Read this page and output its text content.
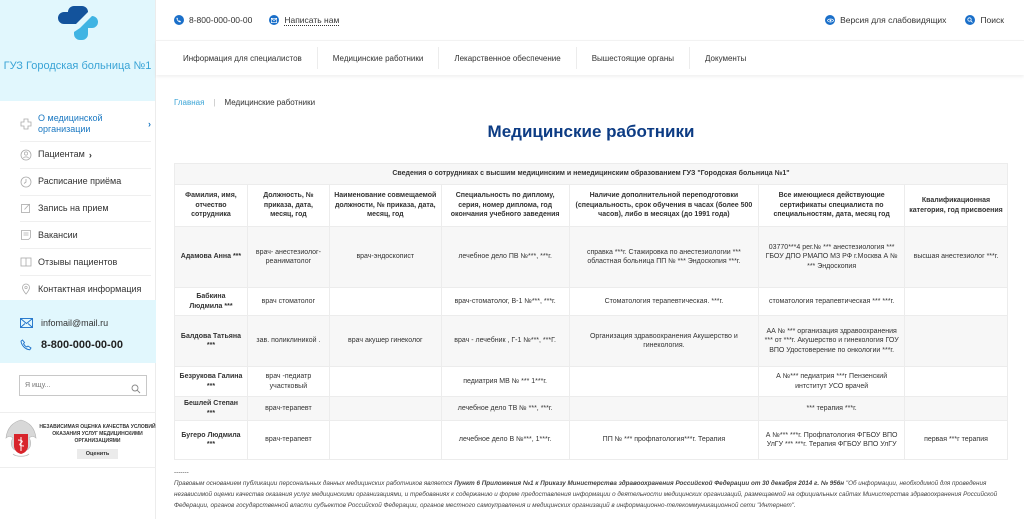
ГУЗ Городская больница №1
О медицинской организации	›
Пациентам ›
Расписание приёма
Запись на прием
Вакансии
Отзывы пациентов
Контактная информация
infomail@mail.ru
8-800-000-00-00
Я ищу...
НЕЗАВИСИМАЯ ОЦЕНКА КАЧЕСТВА УСЛОВИЙ ОКАЗАНИЯ УСЛУГ МЕДИЦИНСКИМИ ОРГАНИЗАЦИЯМИ
Оценить
8-800-000-00-00	Написать нам	Версия для слабовидящих	Поиск
Информация для специалистов	Медицинские работники	Лекарственное обеспечение	Вышестоящие органы	Документы
Главная | Медицинские работники
Медицинские работники
Сведения о сотрудниках с высшим медицинским и немедицинским образованием ГУЗ "Городская больница №1"						
Фамилия, имя, отчество сотрудника	Должность, № приказа, дата, месяц, год	Наименование совмещаемой должности, № приказа, дата, месяц, год	Специальность по диплому, серия, номер диплома, год окончания учебного заведения	Наличие дополнительной переподготовки (специальность, срок обучения в часах (более 500 часов), либо в месяцах (до 1991 года)	Все имеющиеся действующие сертификаты специалиста по специальностям, дата, месяц год	Квалификационная категория, год присвоения
Адамова Анна ***	врач- анестезиолог-реаниматолог	врач-эндоскопист	лечебное дело ПВ №***, ***г.	справка ***г. Стажировка по анестезиологии *** областная больница ПП № *** Эндоскопия ***г.	03770***4 рег.№ *** анестезиология *** ГБОУ ДПО РМАПО МЗ РФ г.Москва А № *** Эндоскопия	высшая анестезиолог ***г.
Бабкина Людмила ***	врач стоматолог		врач-стоматолог, В-1 №***, ***г.	Стоматология терапевтическая. ***г.	стоматология терапевтическая *** ***г.	
Балдова Татьяна ***	зав. поликлиникой .	врач акушер гинеколог	врач - лечебник , Г-1 №***, ***Г.	Организация здравоохранения Акушерство и гинекология.	АА № *** организация здравоохранения *** от ***г. Акушерство и гинекология ГОУ ВПО Удостоверение по онкологии ***г.	
Безрукова Галина ***	врач -педиатр участковый		педиатрия МВ № *** 1***г.		А №*** педиатрия ***г Пензенский интститут УСО врачей	
Бешлей Степан ***	врач-терапевт		лечебное дело ТВ № ***, ***г.		*** терапия ***г.	
Бугеро Людмила ***	врач-терапевт		лечебное дело В №***, 1***г.	ПП № *** профпатология***г. Терапия	А №*** ***г. Профпатология ФГБОУ ВПО УлГУ *** ***г. Терапия ФГБОУ ВПО УлГУ	первая ***г терапия
-------
Правовым основанием публикации персональных данных медицинских работников является Пункт 6 Приложения №1 к Приказу Министерства здравоохранения Российской Федерации от 30 декабря 2014 г. № 956н "Об информации, необходимой для проведения независимой оценки качества оказания услуг медицинскими организациями, и требованиях к содержанию и форме предоставления информации о деятельности медицинских организаций, размещаемой на официальных сайтах Министерства здравоохранения Российской Федерации, органов государственной власти субъектов Российской Федерации, органов местного самоуправления и медицинских организаций в информационно-телекоммуникационной сети "Интернет".
